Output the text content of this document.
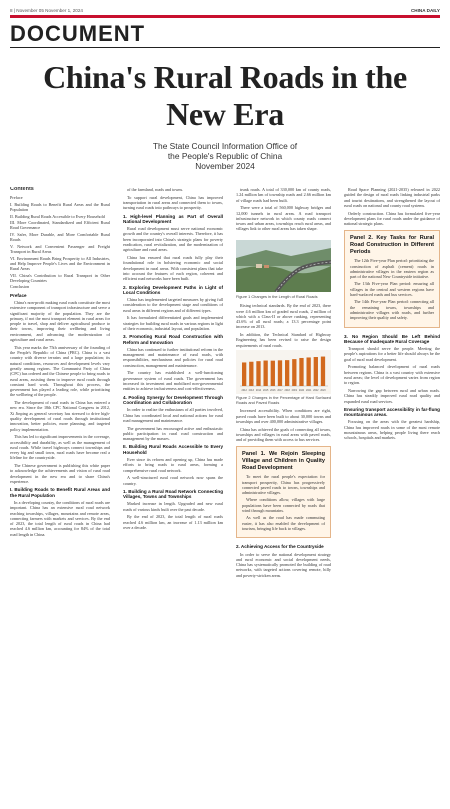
8 | November 05 November 1, 2024	CHINA DAILY
DOCUMENT
China's Rural Roads in the New Era
The State Council Information Office of
the People's Republic of China
November 2024
Contents
Preface
I. Building Roads to Benefit Rural Areas and the Rural Population
II. Building Rural Roads Accessible to Every Household
III. More Coordinated, Standardized and Efficient Rural Road Governance
IV. Safer, More Durable, and More Comfortable Rural Roads
V. Network and Convenient Passenger and Freight Transport in Rural Areas
VI. Environment Roads Bring Prosperity to All Industries, and Help Improve People's Lives and the Environment in Rural Areas
VII. China's Contribution to Rural Transport in Other Developing Countries
Conclusion
Preface

China's non-profit making rural roads constitute the most extensive component of transport infrastructure and serve a significant majority of the population. They are the primary, if not the most transport element in rural areas for people to travel, shop and deliver agricultural produce to their towns, improving their wellbeing and living environment, and advancing the modernization of agriculture and rural areas.

This year marks the 75th anniversary of the founding of the People's Republic of China (PRC). China is a vast country with diverse terrains and a large population; its natural conditions, resources and development levels vary greatly among regions. The Communist Party of China (CPC) has ordered and the Chinese people to bring roads to rural areas, assisting them to improve rural roads through constant hard work. Throughout this process, the government has played a leading role, while prioritizing the wellbeing of the people.

The development of rural roads in China has entered a new era. Since the 18th CPC National Congress in 2012, Xi Jinping as general secretary has stressed to drive high-quality development of rural roads through institutional innovation, better policies, more planning, and targeted policy implementation.

This has led to significant improvements in the coverage, accessibility and durability, as well as the management of rural roads. While travel highways connect townships and every big and small town, rural roads have become real a lifeline for the countryside.

The Chinese government is publishing this white paper to acknowledge the achievements and vision of rural road development in the new era and to share China's experience.

I. Building Roads to Benefit Rural Areas and the Rural Population

In a developing country, the conditions of rural roads are important. China has an extensive rural road network reaching townships, villages, mountains and remote areas, connecting farmers with markets and services. By the end of 2023, the total length of rural roads in China had reached 4.6 million km, accounting for 84% of the total road length in China.

of the farmland, roads and towns.

To support rural development, China has improved transportation in rural areas and connected them to towns, turning rural roads into pathways to prosperity.

1. High-level Planning as Part of Overall National Development

Rural road development must serve national economic growth and the country's overall interests. Therefore, it has been incorporated into China's strategic plans for poverty eradication, rural revitalization, and the modernization of agriculture and rural areas.

China has ensured that rural roads fully play their foundational role in bolstering economic and social development in rural areas. With consistent plans that take into account the features of each region, coherent and efficient road networks have been built.

2. Exploring Development Paths in Light of Local Conditions

China has implemented targeted measures by giving full consideration to the development stage and conditions of rural areas in different regions and of different types.

It has formulated differentiated goals and implemented strategies for building rural roads in various regions in light of their economic, industrial layout, and population.

3. Promoting Rural Road Construction with Reform and Innovation

China has continued to further institutional reform in the management and maintenance of rural roads, with responsibilities, mechanisms and policies for rural road construction, management and maintenance.

The country has established a well-functioning governance system of rural roads. The government has increased its investment and mobilized non-governmental entities to achieve inclusiveness and cost-effectiveness.

4. Pooling Synergy for Development Through Coordination and Collaboration

In order to realize the enthusiasm of all parties involved, China has coordinated local and national actions for rural road management and maintenance.

The government has encouraged active and enthusiastic public participation in rural road construction and management by the masses.

II. Building Rural Roads Accessible to Every Household

Ever since its reform and opening up, China has made efforts to bring roads to rural areas, forming a comprehensive rural road network.

A well-structured rural road network now spans the country.

1. Building a Rural Road Network Connecting Villages, Towns and Townships

Marked increase in length. Upgraded and new rural roads of various kinds built over the past decade.

By the end of 2023, the total length of rural roads reached 4.6 million km, an increase of 1.13 million km over a decade.

trunk roads. A total of 330,000 km of county roads, 1.24 million km of township roads and 2.66 million km of village roads had been built.

There were a total of 560,000 highway bridges and 12,000 tunnels in rural areas. A road transport infrastructure network in which county roads connect towns and urban areas, townships reach rural areas, and villages link to other rural areas has taken shape.

Figure 1 Changes in the Length of Rural Roads

Rising technical standards. By the end of 2023, there were 4.6 million km of graded rural roads, 2 million of which with a Class-II or above ranking, representing 43.6% of all rural roads; a 13.3 percentage point increase on 2013.

In addition, the Technical Standard of Highway Engineering has been revised to raise the design requirements of rural roads.

2012 2013 2014 2015 2016 2017 2018 2019 2020 2021 2022 2023
Figure 2 Changes in the Percentage of Hard Surfaced Roads and Paved Roads

Increased accessibility. When conditions are right, paved roads have been built to about 30,000 towns and townships and over 400,000 administrative villages.

China has achieved the goals of connecting all towns, townships and villages in rural areas with paved roads, and of providing them with access to bus services.

Panel 1. We Rejoin Sleeping Village and Children in Quality Road Development

To meet the rural people's expectation for transport prosperity, China has progressively connected paved roads to towns, townships and administrative villages.

Where conditions allow, villages with large populations have been connected by roads that wind through mountains.

As well as the road has made commuting easier, it has also enabled the development of tourism, bringing life back to villages.

2. Achieving Access for the Countryside

In order to serve the national development strategy and rural economic and social development needs, China has systematically promoted the building of road networks, with targeted actions covering remote, hilly and poverty-stricken areas.

Road Space Planning (2021-2035) released in 2022 guided the design of rural roads linking industrial parks and tourist destinations, and strengthened the layout of rural roads on national and county road systems.

Orderly construction. China has formulated five-year development plans for rural roads under the guidance of national strategic plans.

Panel 2. Key Tasks for Rural Road Construction in Different Periods

The 12th Five-year Plan period: prioritizing the construction of asphalt (cement) roads in administrative villages in the eastern region as part of the national New Countryside initiative.

The 13th Five-year Plan period: ensuring all villages in the central and western regions have hard-surfaced roads and bus services.

The 14th Five-year Plan period: connecting all the remaining towns, townships and administrative villages with roads, and further improving their quality and safety.

3. No Region Should Be Left Behind Because of Inadequate Rural Coverage

Transport should serve the people. Meeting the people's aspirations for a better life should always be the goal of rural road development.

Promoting balanced development of rural roads between regions. China is a vast country with extensive rural areas; the level of development varies from region to region.

Narrowing the gap between rural and urban roads. China has steadily improved rural road quality and expanded rural road services.

Ensuring transport accessibility in far-flung mountainous areas.

Focusing on the areas with the greatest hardship, China has improved roads in some of the most remote mountainous areas, helping people living there reach schools, hospitals and markets.
